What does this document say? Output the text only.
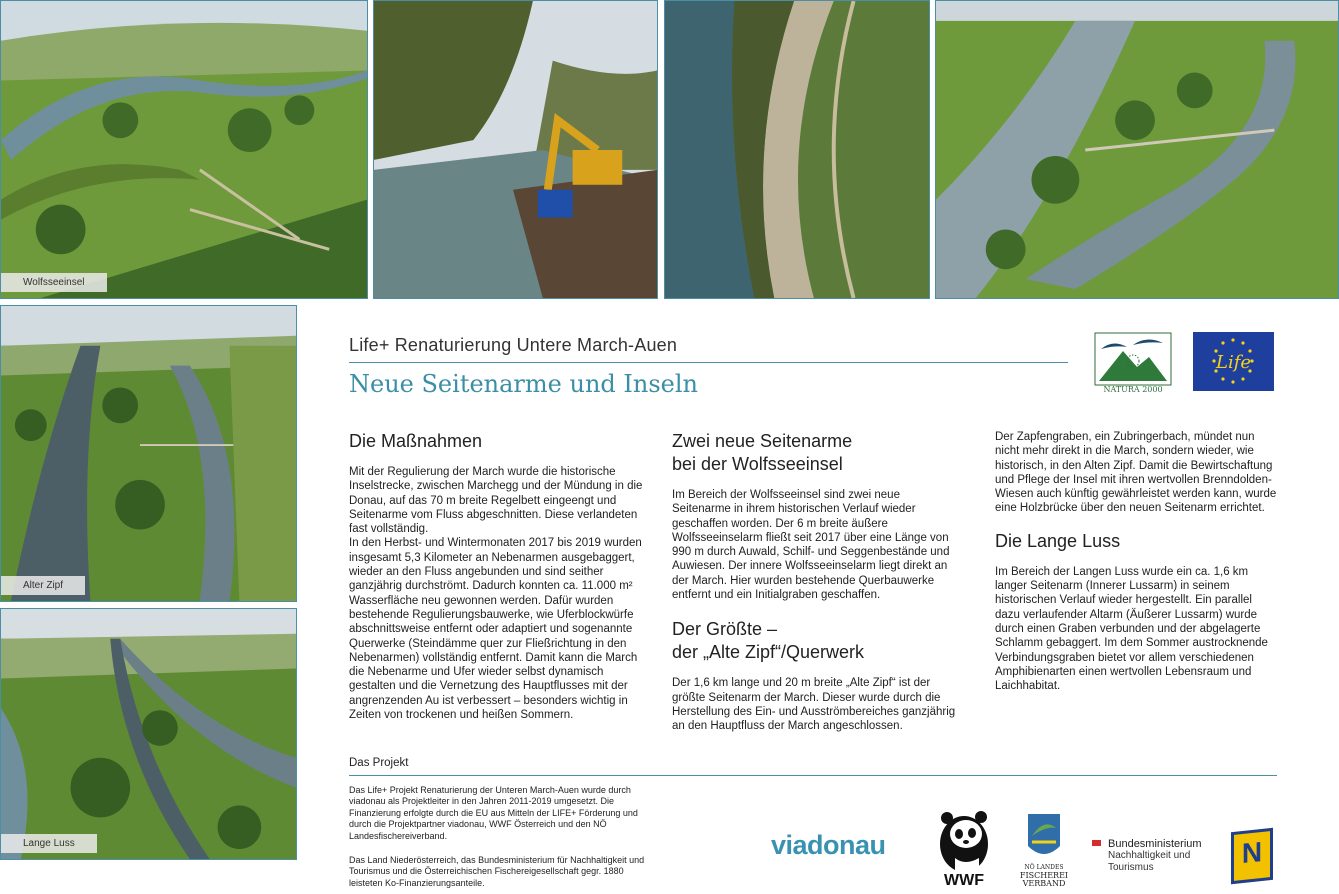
Wolfsseeinsel
Alter Zipf
Lange Luss
Life+ Renaturierung Untere March-Auen
Neue Seitenarme und Inseln	NATURA 2000
Life
Die Maßnahmen

Mit der Regulierung der March wurde die historische Inselstrecke, zwischen Marchegg und der Mündung in die Donau, auf das 70 m breite Regelbett eingeengt und Seitenarme vom Fluss abgeschnitten. Diese verlandeten fast vollständig.
In den Herbst- und Wintermonaten 2017 bis 2019 wurden insgesamt 5,3 Kilometer an Nebenarmen ausgebaggert, wieder an den Fluss angebunden und sind seither ganzjährig durchströmt. Dadurch konnten ca. 11.000 m² Wasserfläche neu gewonnen werden. Dafür wurden bestehende Regulierungsbauwerke, wie Uferblockwürfe abschnittsweise entfernt oder adaptiert und sogenannte Querwerke (Steindämme quer zur Fließrichtung in den Nebenarmen) vollständig entfernt. Damit kann die March die Nebenarme und Ufer wieder selbst dynamisch gestalten und die Vernetzung des Hauptflusses mit der angrenzenden Au ist verbessert – besonders wichtig in Zeiten von trockenen und heißen Sommern.

Zwei neue Seitenarme
bei der Wolfsseeinsel

Im Bereich der Wolfsseeinsel sind zwei neue Seitenarme in ihrem historischen Verlauf wieder geschaffen worden. Der 6 m breite äußere Wolfsseeinselarm fließt seit 2017 über eine Länge von 990 m durch Auwald, Schilf- und Seggenbestände und Auwiesen. Der innere Wolfsseeinselarm liegt direkt an der March. Hier wurden bestehende Querbauwerke entfernt und ein Initialgraben geschaffen.

Der Größte –
der „Alte Zipf“/Querwerk

Der 1,6 km lange und 20 m breite „Alte Zipf“ ist der größte Seitenarm der March. Dieser wurde durch die Herstellung des Ein- und Ausströmbereiches ganzjährig an den Hauptfluss der March angeschlossen.

Der Zapfengraben, ein Zubringerbach, mündet nun nicht mehr direkt in die March, sondern wieder, wie historisch, in den Alten Zipf. Damit die Bewirtschaftung und Pflege der Insel mit ihren wertvollen Brenndolden-Wiesen auch künftig gewährleistet werden kann, wurde eine Holzbrücke über den neuen Seitenarm errichtet.

Die Lange Luss

Im Bereich der Langen Luss wurde ein ca. 1,6 km langer Seitenarm (Innerer Lussarm) in seinem historischen Verlauf wieder hergestellt. Ein parallel dazu verlaufender Altarm (Äußerer Lussarm) wurde durch einen Graben verbunden und der abgelagerte Schlamm gebaggert. Im dem Sommer austrocknende Verbindungsgraben bietet vor allem verschiedenen Amphibienarten einen wertvollen Lebensraum und Laichhabitat.

Das Projekt
Das Life+ Projekt Renaturierung der Unteren March-Auen wurde durch viadonau als Projektleiter in den Jahren 2011-2019 umgesetzt. Die Finanzierung erfolgte durch die EU aus Mitteln der LIFE+ Förderung und durch die Projektpartner viadonau, WWF Österreich und den NÖ Landesfischereiverband.
Das Land Niederösterreich, das Bundesministerium für Nachhaltigkeit und Tourismus und die Österreichischen Fischereigesellschaft gegr. 1880 leisteten Ko-Finanzierungsanteile.
viadonau
WWF
NÖ LANDES
FISCHEREI
VERBAND
Bundesministerium
Nachhaltigkeit und
Tourismus	N
